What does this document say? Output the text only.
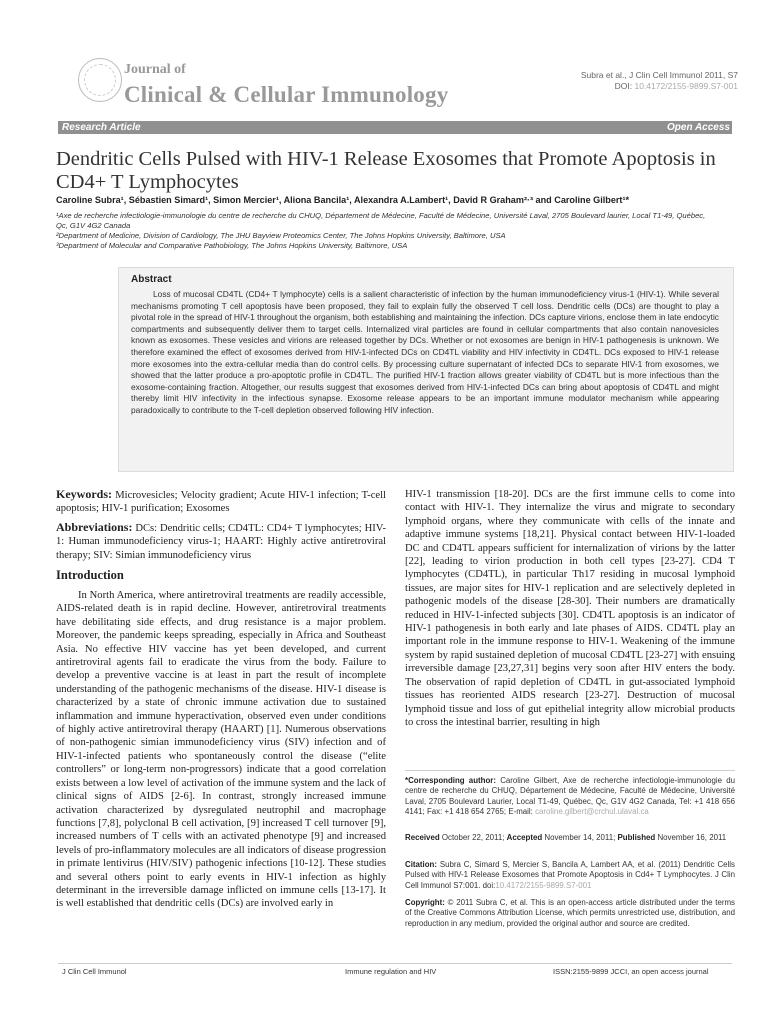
Journal of
Clinical & Cellular Immunology
Subra et al., J Clin Cell Immunol 2011, S7
DOI: 10.4172/2155-9899.S7-001
Research Article	Open Access
Dendritic Cells Pulsed with HIV-1 Release Exosomes that Promote Apoptosis in CD4+ T Lymphocytes
Caroline Subra¹, Sébastien Simard¹, Simon Mercier¹, Aliona Bancila¹, Alexandra A.Lambert¹, David R Graham²·³ and Caroline Gilbert¹*

¹Axe de recherche infectiologie-immunologie du centre de recherche du CHUQ, Département de Médecine, Faculté de Médecine, Université Laval, 2705 Boulevard laurier, Local T1-49, Québec, Qc, G1V 4G2 Canada

²Department of Medicine, Division of Cardiology, The JHU Bayview Proteomics Center, The Johns Hopkins University, Baltimore, USA

³Department of Molecular and Comparative Pathobiology, The Johns Hopkins University, Baltimore, USA

Abstract

Loss of mucosal CD4TL (CD4+ T lymphocyte) cells is a salient characteristic of infection by the human immunodeficiency virus-1 (HIV-1). While several mechanisms promoting T cell apoptosis have been proposed, they fail to explain fully the observed T cell loss. Dendritic cells (DCs) are thought to play a pivotal role in the spread of HIV-1 throughout the organism, both establishing and maintaining the infection. DCs capture virions, enclose them in late endocytic compartments and subsequently deliver them to target cells. Internalized viral particles are found in cellular compartments that also contain nanovesicles known as exosomes. These vesicles and virions are released together by DCs. Whether or not exosomes are benign in HIV-1 pathogenesis is unknown. We therefore examined the effect of exosomes derived from HIV-1-infected DCs on CD4TL viability and HIV infectivity in CD4TL. DCs exposed to HIV-1 release more exosomes into the extra-cellular media than do control cells. By processing culture supernatant of infected DCs to separate HIV-1 from exosomes, we showed that the latter produce a pro-apoptotic profile in CD4TL. The purified HIV-1 fraction allows greater viability of CD4TL but is more infectious than the exosome-containing fraction. Altogether, our results suggest that exosomes derived from HIV-1-infected DCs can bring about apoptosis of CD4TL and might thereby limit HIV infectivity in the infectious synapse. Exosome release appears to be an important immune modulator mechanism while appearing paradoxically to contribute to the T-cell depletion observed following HIV infection.

Keywords: Microvesicles; Velocity gradient; Acute HIV-1 infection; T-cell apoptosis; HIV-1 purification; Exosomes

Abbreviations: DCs: Dendritic cells; CD4TL: CD4+ T lymphocytes; HIV-1: Human immunodeficiency virus-1; HAART: Highly active antiretroviral therapy; SIV: Simian immunodeficiency virus

Introduction

In North America, where antiretroviral treatments are readily accessible, AIDS-related death is in rapid decline. However, antiretroviral treatments have debilitating side effects, and drug resistance is a major problem. Moreover, the pandemic keeps spreading, especially in Africa and Southeast Asia. No effective HIV vaccine has yet been developed, and current antiretroviral agents fail to eradicate the virus from the body. Failure to develop a preventive vaccine is at least in part the result of incomplete understanding of the pathogenic mechanisms of the disease. HIV-1 disease is characterized by a state of chronic immune activation due to sustained inflammation and immune hyperactivation, observed even under conditions of highly active antiretroviral therapy (HAART) [1]. Numerous observations of non-pathogenic simian immunodeficiency virus (SIV) infection and of HIV-1-infected patients who spontaneously control the disease (“elite controllers” or long-term non-progressors) indicate that a good correlation exists between a low level of activation of the immune system and the lack of clinical signs of AIDS [2-6]. In contrast, strongly increased immune activation characterized by dysregulated neutrophil and macrophage functions [7,8], polyclonal B cell activation, [9] increased T cell turnover [9], increased numbers of T cells with an activated phenotype [9] and increased levels of pro-inflammatory molecules are all indicators of disease progression in primate lentivirus (HIV/SIV) pathogenic infections [10-12]. These studies and several others point to early events in HIV-1 infection as highly determinant in the irreversible damage inflicted on immune cells [13-17]. It is well established that dendritic cells (DCs) are involved early in

HIV-1 transmission [18-20]. DCs are the first immune cells to come into contact with HIV-1. They internalize the virus and migrate to secondary lymphoid organs, where they communicate with cells of the innate and adaptive immune systems [18,21]. Physical contact between HIV-1-loaded DC and CD4TL appears sufficient for internalization of virions by the latter [22], leading to virion production in both cell types [23-27]. CD4 T lymphocytes (CD4TL), in particular Th17 residing in mucosal lymphoid tissues, are major sites for HIV-1 replication and are selectively depleted in pathogenic models of the disease [28-30]. Their numbers are dramatically reduced in HIV-1-infected subjects [30]. CD4TL apoptosis is an indicator of HIV-1 pathogenesis in both early and late phases of AIDS. CD4TL play an important role in the immune response to HIV-1. Weakening of the immune system by rapid sustained depletion of mucosal CD4TL [23-27] with ensuing irreversible damage [23,27,31] begins very soon after HIV enters the body. The observation of rapid depletion of CD4TL in gut-associated lymphoid tissues has reoriented AIDS research [23-27]. Destruction of mucosal lymphoid tissue and loss of gut epithelial integrity allow microbial products to cross the intestinal barrier, resulting in high

*Corresponding author: Caroline Gilbert, Axe de recherche infectiologie-immunologie du centre de recherche du CHUQ, Département de Médecine, Faculté de Médecine, Université Laval, 2705 Boulevard Laurier, Local T1-49, Québec, Qc, G1V 4G2 Canada, Tel: +1 418 656 4141; Fax: +1 418 654 2765; E-mail: caroline.gilbert@crchul.ulaval.ca

Received October 22, 2011; Accepted November 14, 2011; Published November 16, 2011

Citation: Subra C, Simard S, Mercier S, Bancila A, Lambert AA, et al. (2011) Dendritic Cells Pulsed with HIV-1 Release Exosomes that Promote Apoptosis in Cd4+ T Lymphocytes. J Clin Cell Immunol S7:001. doi:10.4172/2155-9899.S7-001

Copyright: © 2011 Subra C, et al. This is an open-access article distributed under the terms of the Creative Commons Attribution License, which permits unrestricted use, distribution, and reproduction in any medium, provided the original author and source are credited.

J Clin Cell Immunol	Immune regulation and HIV	ISSN:2155-9899 JCCI, an open access journal
